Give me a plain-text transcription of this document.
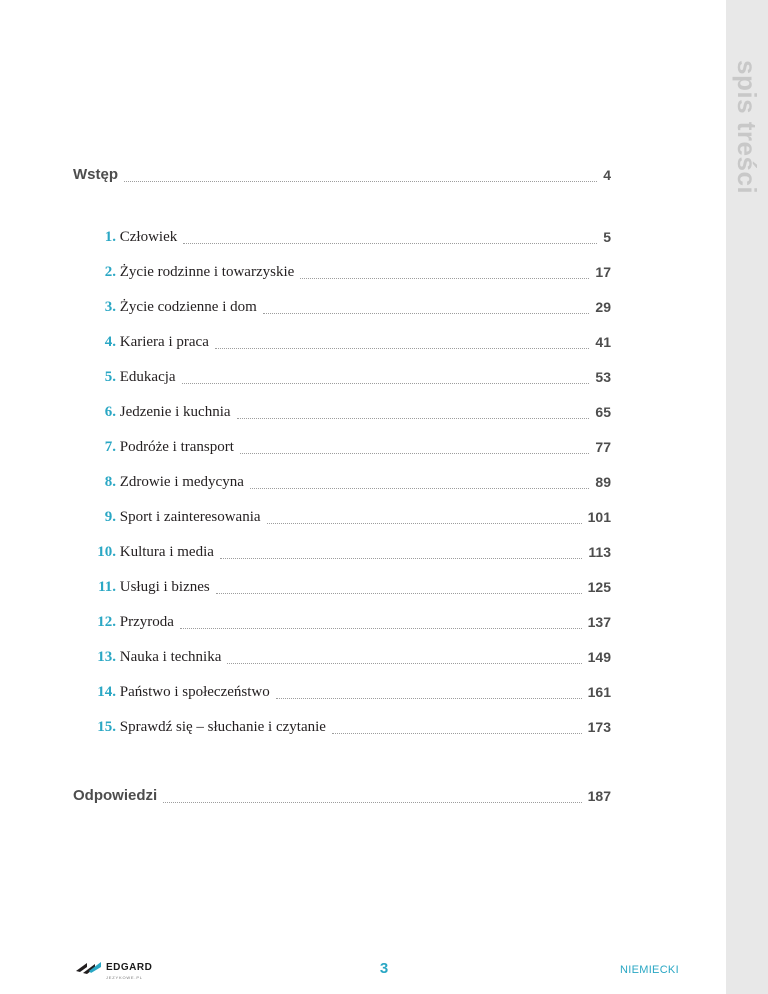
spis treści
Wstęp	4
1. Człowiek	5
2. Życie rodzinne i towarzyskie	17
3. Życie codzienne i dom	29
4. Kariera i praca	41
5. Edukacja	53
6. Jedzenie i kuchnia	65
7. Podróże i transport	77
8. Zdrowie i medycyna	89
9. Sport i zainteresowania	101
10. Kultura i media	113
11. Usługi i biznes	125
12. Przyroda	137
13. Nauka i technika	149
14. Państwo i społeczeństwo	161
15. Sprawdź się – słuchanie i czytanie	173
Odpowiedzi	187
EDGARD
JEZYKOWE.PL	3	NIEMIECKI
